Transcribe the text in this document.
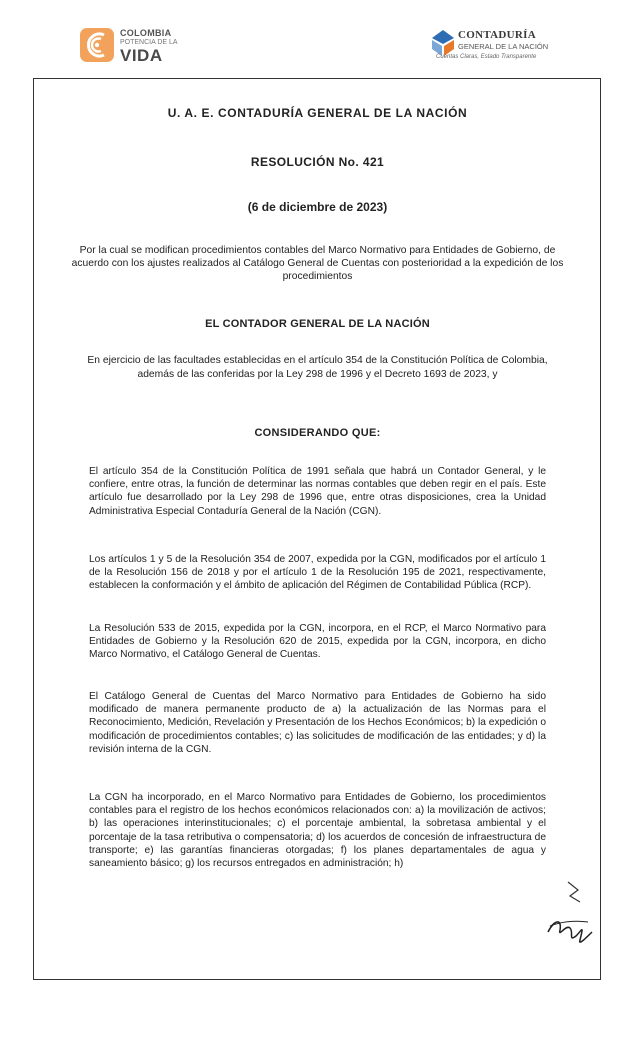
COLOMBIA
POTENCIA DE LA
VIDA
CONTADURÍA
GENERAL DE LA NACIÓN
Cuentas Claras, Estado Transparente
U. A. E. CONTADURÍA GENERAL DE LA NACIÓN
RESOLUCIÓN No. 421
(6 de diciembre de 2023)
Por la cual se modifican procedimientos contables del Marco Normativo para Entidades de Gobierno, de acuerdo con los ajustes realizados al Catálogo General de Cuentas con posterioridad a la expedición de los procedimientos
EL CONTADOR GENERAL DE LA NACIÓN
En ejercicio de las facultades establecidas en el artículo 354 de la Constitución Política de Colombia, además de las conferidas por la Ley 298 de 1996 y el Decreto 1693 de 2023, y
CONSIDERANDO QUE:
El artículo 354 de la Constitución Política de 1991 señala que habrá un Contador General, y le confiere, entre otras, la función de determinar las normas contables que deben regir en el país. Este artículo fue desarrollado por la Ley 298 de 1996 que, entre otras disposiciones, crea la Unidad Administrativa Especial Contaduría General de la Nación (CGN).
Los artículos 1 y 5 de la Resolución 354 de 2007, expedida por la CGN, modificados por el artículo 1 de la Resolución 156 de 2018 y por el artículo 1 de la Resolución 195 de 2021, respectivamente, establecen la conformación y el ámbito de aplicación del Régimen de Contabilidad Pública (RCP).
La Resolución 533 de 2015, expedida por la CGN, incorpora, en el RCP, el Marco Normativo para Entidades de Gobierno y la Resolución 620 de 2015, expedida por la CGN, incorpora, en dicho Marco Normativo, el Catálogo General de Cuentas.
El Catálogo General de Cuentas del Marco Normativo para Entidades de Gobierno ha sido modificado de manera permanente producto de a) la actualización de las Normas para el Reconocimiento, Medición, Revelación y Presentación de los Hechos Económicos; b) la expedición o modificación de procedimientos contables; c) las solicitudes de modificación de las entidades; y d) la revisión interna de la CGN.
La CGN ha incorporado, en el Marco Normativo para Entidades de Gobierno, los procedimientos contables para el registro de los hechos económicos relacionados con: a) la movilización de activos; b) las operaciones interinstitucionales; c) el porcentaje ambiental, la sobretasa ambiental y el porcentaje de la tasa retributiva o compensatoria; d) los acuerdos de concesión de infraestructura de transporte; e) las garantías financieras otorgadas; f) los planes departamentales de agua y saneamiento básico; g) los recursos entregados en administración; h)
